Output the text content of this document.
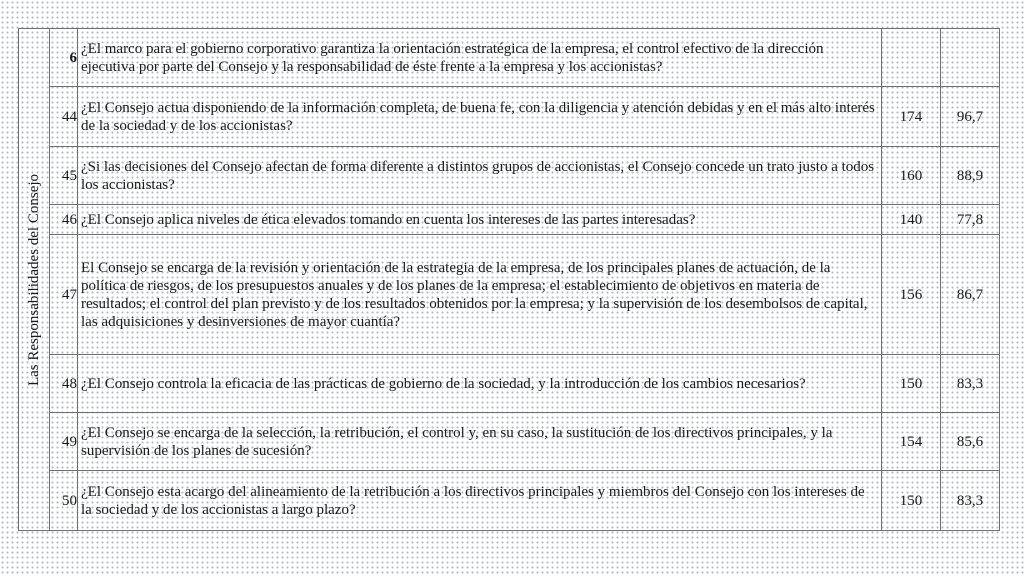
Las Responsabilidades del Consejo	6	¿El marco para el gobierno corporativo garantiza la orientación estratégica de la empresa, el control efectivo de la dirección ejecutiva por parte del Consejo y la responsabilidad de éste frente a la empresa y los accionistas?		
	44	¿El Consejo actua disponiendo de la información completa, de buena fe, con la diligencia y atención debidas y en el más alto interés de la sociedad y de los accionistas?	174	96,7
	45	¿Si las decisiones del Consejo afectan de forma diferente a distintos grupos de accionistas, el Consejo concede un trato justo a todos los accionistas?	160	88,9
	46	¿El Consejo aplica niveles de ética elevados tomando en cuenta los intereses de las partes interesadas?	140	77,8
	47	El Consejo se encarga de la revisión y orientación de la estrategia de la empresa, de los principales planes de actuación, de la política de riesgos, de los presupuestos anuales y de los planes de la empresa; el establecimiento de objetivos en materia de resultados; el control del plan previsto y de los resultados obtenidos por la empresa; y la supervisión de los desembolsos de capital, las adquisiciones y desinversiones de mayor cuantía?	156	86,7
	48	¿El Consejo controla la eficacia de las prácticas de gobierno de la sociedad, y la introducción de los cambios necesarios?	150	83,3
	49	¿El Consejo se encarga de la selección, la retribución, el control y, en su caso, la sustitución de los directivos principales, y la supervisión de los planes de sucesión?	154	85,6
	50	¿El Consejo esta acargo del alineamiento de la retribución a los directivos principales y miembros del Consejo con los intereses de la sociedad y de los accionistas a largo plazo?	150	83,3
